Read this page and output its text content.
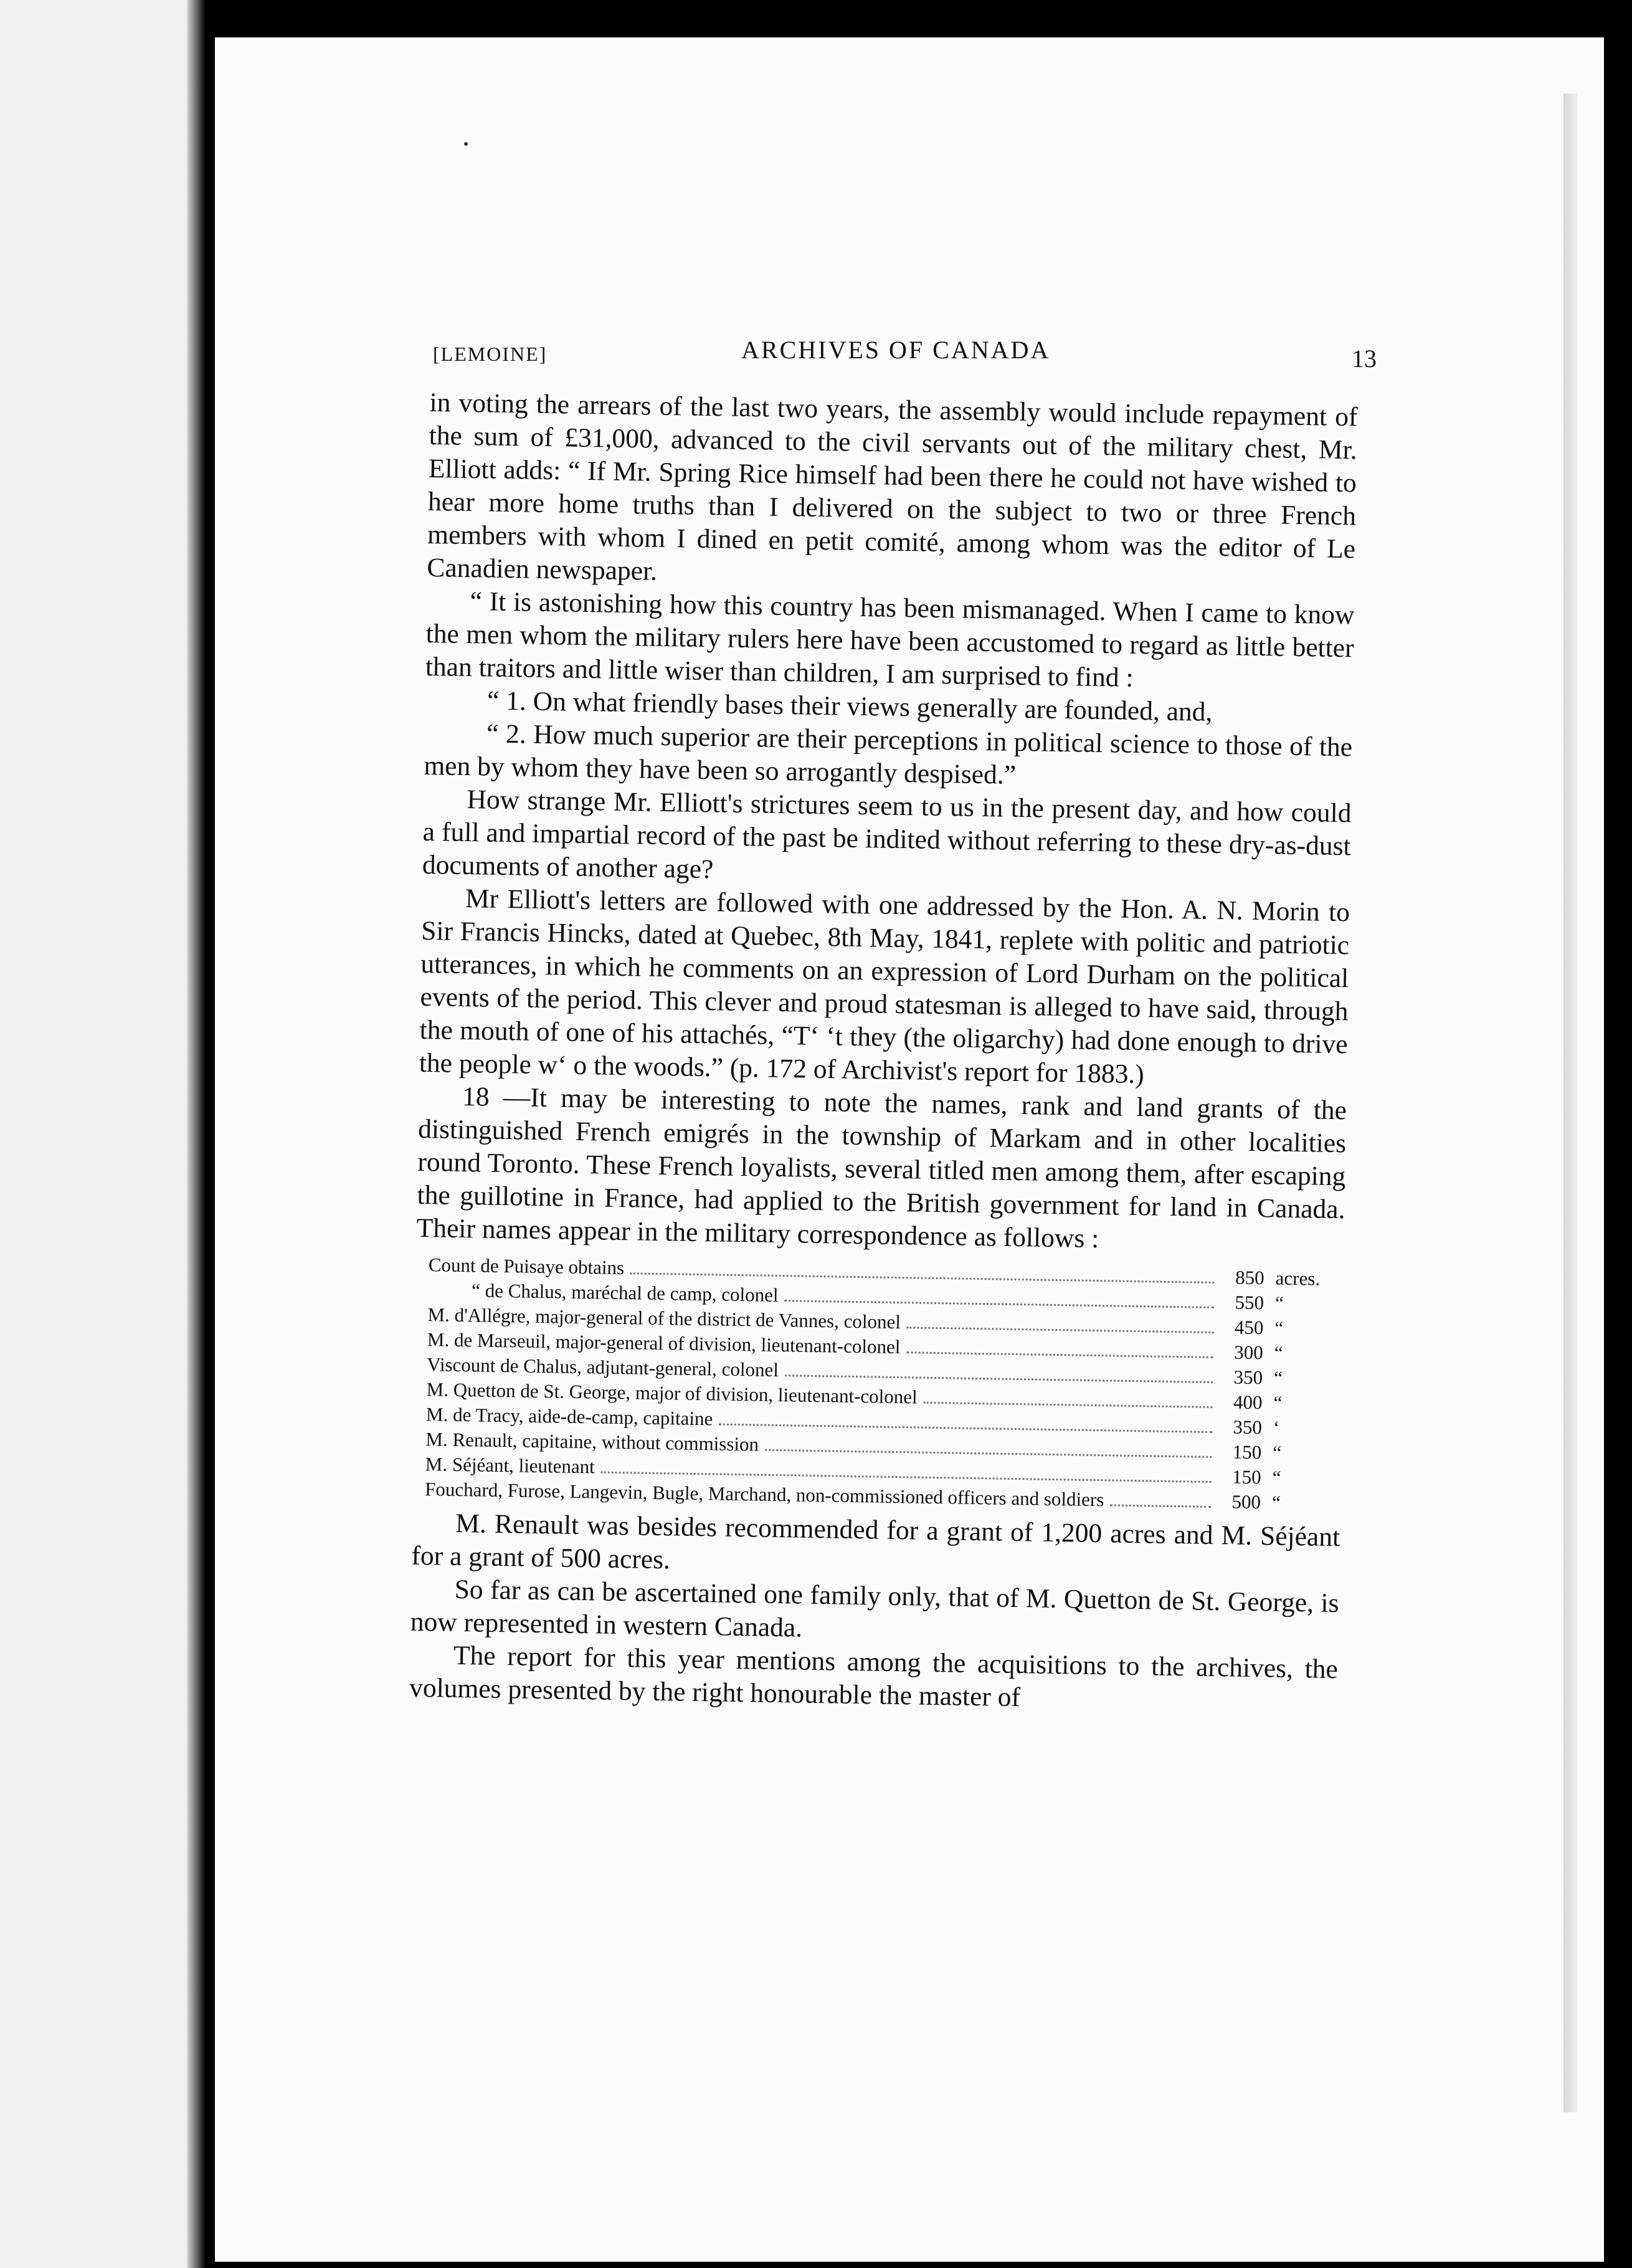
[LEMOINE]	ARCHIVES OF CANADA	13

in voting the arrears of the last two years, the assembly would include repayment of the sum of £31,000, advanced to the civil servants out of the military chest, Mr. Elliott adds: “ If Mr. Spring Rice himself had been there he could not have wished to hear more home truths than I delivered on the subject to two or three French members with whom I dined en petit comité, among whom was the editor of Le Canadien newspaper.

“ It is astonishing how this country has been mismanaged. When I came to know the men whom the military rulers here have been accustomed to regard as little better than traitors and little wiser than children, I am surprised to find :

“ 1. On what friendly bases their views generally are founded, and,

“ 2. How much superior are their perceptions in political science to those of the men by whom they have been so arrogantly despised.”

How strange Mr. Elliott's strictures seem to us in the present day, and how could a full and impartial record of the past be indited without referring to these dry-as-dust documents of another age?

Mr Elliott's letters are followed with one addressed by the Hon. A. N. Morin to Sir Francis Hincks, dated at Quebec, 8th May, 1841, replete with politic and patriotic utterances, in which he comments on an expression of Lord Durham on the political events of the period. This clever and proud statesman is alleged to have said, through the mouth of one of his attachés, “T‘ ‘t they (the oligarchy) had done enough to drive the people w‘ o the woods.” (p. 172 of Archivist's report for 1883.)

18 —It may be interesting to note the names, rank and land grants of the distinguished French emigrés in the township of Markam and in other localities round Toronto. These French loyalists, several titled men among them, after escaping the guillotine in France, had applied to the British government for land in Canada. Their names appear in the military correspondence as follows :

Count de Puisaye obtains	850 acres.
“ de Chalus, maréchal de camp, colonel	550 “
M. d'Allégre, major-general of the district de Vannes, colonel	450 “
M. de Marseuil, major-general of division, lieutenant-colonel	300 “
Viscount de Chalus, adjutant-general, colonel	350 “
M. Quetton de St. George, major of division, lieutenant-colonel	400 “
M. de Tracy, aide-de-camp, capitaine	350 ‘
M. Renault, capitaine, without commission	150 “
M. Séjéant, lieutenant	150 “
Fouchard, Furose, Langevin, Bugle, Marchand, non-commissioned officers and soldiers	500 “

M. Renault was besides recommended for a grant of 1,200 acres and M. Séjéant for a grant of 500 acres.

So far as can be ascertained one family only, that of M. Quetton de St. George, is now represented in western Canada.

The report for this year mentions among the acquisitions to the archives, the volumes presented by the right honourable the master of
